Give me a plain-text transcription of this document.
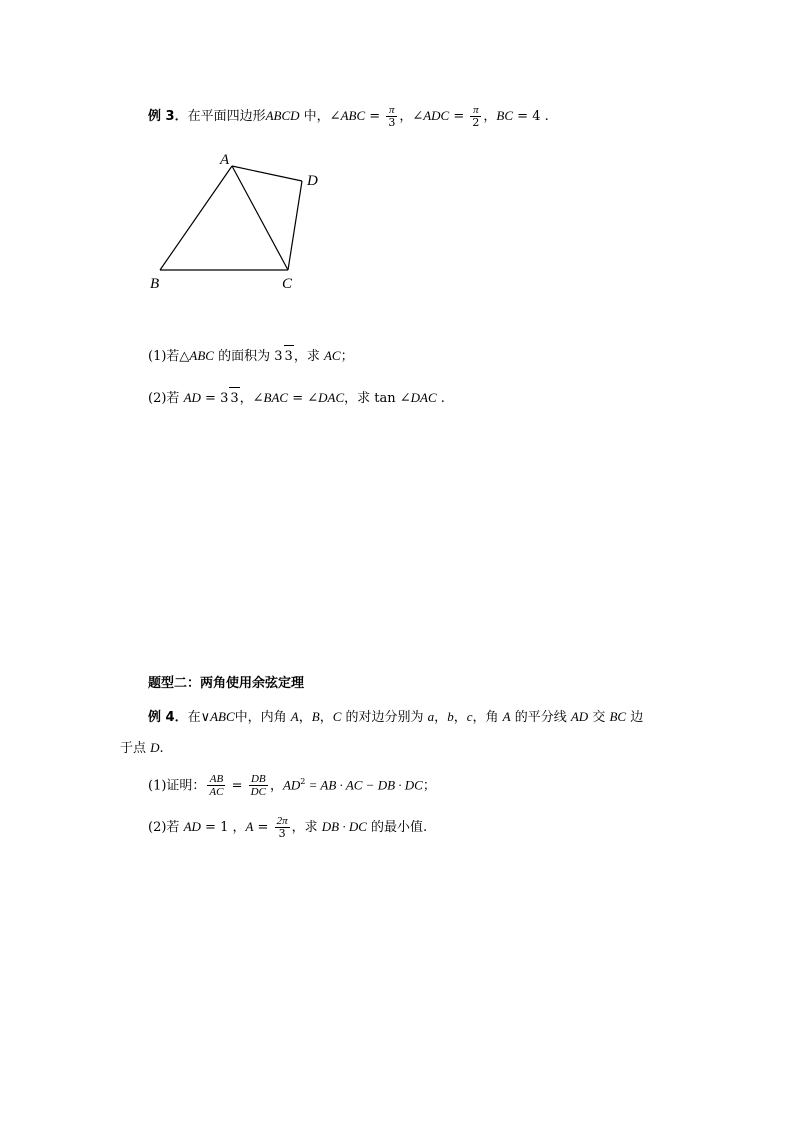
例 3．在平面四边形ABCD 中，∠ABC = $\frac{\pi}{3}$ ，∠ADC = $\frac{\pi}{2}$ ，BC = 4 .
A
B	C
D
(1)若△ABC 的面积为 3 3，求 AC；
(2)若 AD = 3 3，∠BAC = ∠DAC，求 tan ∠DAC .
题型二：两角使用余弦定理
例 4．在∨ABC中，内角 A，B，C 的对边分别为 a，b，c，角 A 的平分线 AD 交 BC 边
于点 D.
(1)证明： $\frac{AB}{AC} = \frac{DB}{DC}$ ，$AD^2$ = AB · AC − DB · DC；
(2)若 AD = 1 ，$A = \frac{2\pi}{3}$ ，求 DB · DC 的最小值.
